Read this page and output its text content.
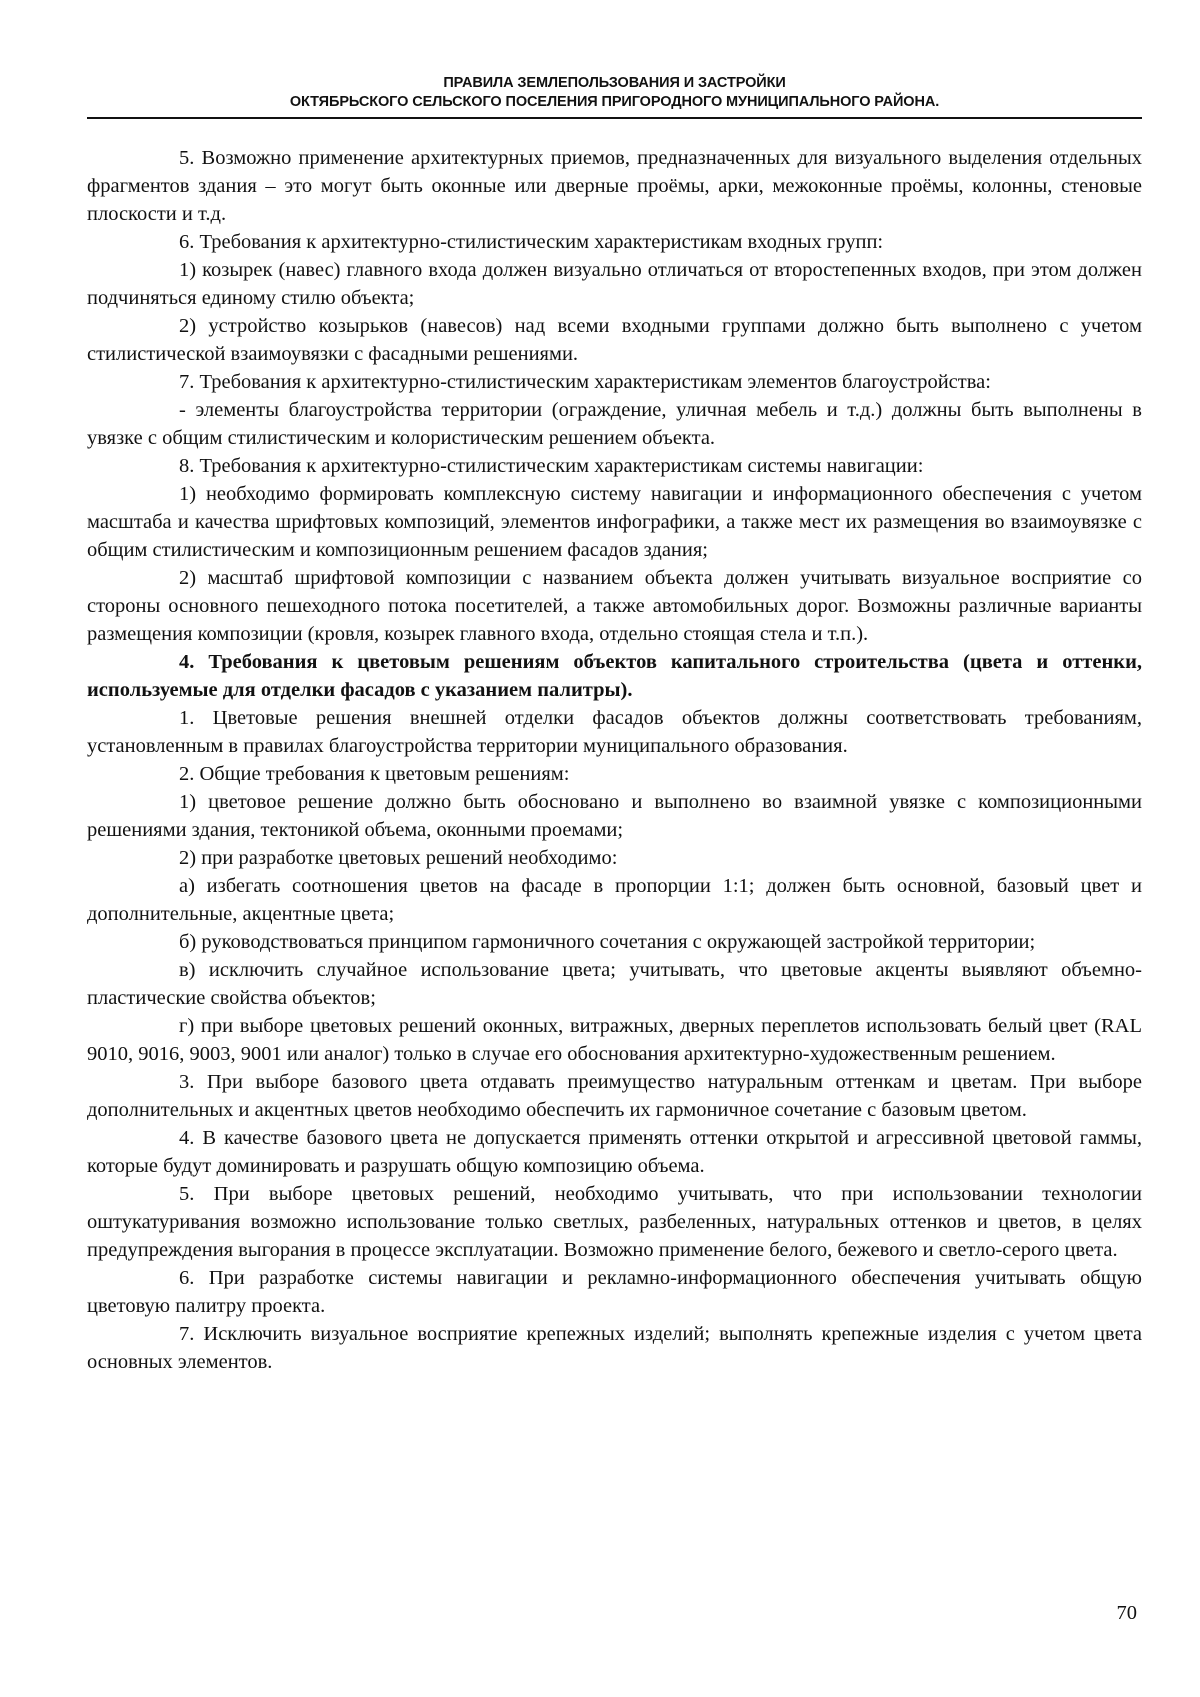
ПРАВИЛА ЗЕМЛЕПОЛЬЗОВАНИЯ И ЗАСТРОЙКИ
ОКТЯБРЬСКОГО СЕЛЬСКОГО ПОСЕЛЕНИЯ ПРИГОРОДНОГО МУНИЦИПАЛЬНОГО РАЙОНА.

5. Возможно применение архитектурных приемов, предназначенных для визуального выделения отдельных фрагментов здания – это могут быть оконные или дверные проёмы, арки, межоконные проёмы, колонны, стеновые плоскости и т.д.

6. Требования к архитектурно-стилистическим характеристикам входных групп:

1) козырек (навес) главного входа должен визуально отличаться от второстепенных входов, при этом должен подчиняться единому стилю объекта;

2) устройство козырьков (навесов) над всеми входными группами должно быть выполнено с учетом стилистической взаимоувязки с фасадными решениями.

7. Требования к архитектурно-стилистическим характеристикам элементов благоустройства:

- элементы благоустройства территории (ограждение, уличная мебель и т.д.) должны быть выполнены в увязке с общим стилистическим и колористическим решением объекта.

8. Требования к архитектурно-стилистическим характеристикам системы навигации:

1) необходимо формировать комплексную систему навигации и информационного обеспечения с учетом масштаба и качества шрифтовых композиций, элементов инфографики, а также мест их размещения во взаимоувязке с общим стилистическим и композиционным решением фасадов здания;

2) масштаб шрифтовой композиции с названием объекта должен учитывать визуальное восприятие со стороны основного пешеходного потока посетителей, а также автомобильных дорог. Возможны различные варианты размещения композиции (кровля, козырек главного входа, отдельно стоящая стела и т.п.).

4. Требования к цветовым решениям объектов капитального строительства (цвета и оттенки, используемые для отделки фасадов с указанием палитры).

1. Цветовые решения внешней отделки фасадов объектов должны соответствовать требованиям, установленным в правилах благоустройства территории муниципального образования.

2. Общие требования к цветовым решениям:

1) цветовое решение должно быть обосновано и выполнено во взаимной увязке с композиционными решениями здания, тектоникой объема, оконными проемами;

2) при разработке цветовых решений необходимо:

а) избегать соотношения цветов на фасаде в пропорции 1:1; должен быть основной, базовый цвет и дополнительные, акцентные цвета;

б) руководствоваться принципом гармоничного сочетания с окружающей застройкой территории;

в) исключить случайное использование цвета; учитывать, что цветовые акценты выявляют объемно-пластические свойства объектов;

г) при выборе цветовых решений оконных, витражных, дверных переплетов использовать белый цвет (RAL 9010, 9016, 9003, 9001 или аналог) только в случае его обоснования архитектурно-художественным решением.

3. При выборе базового цвета отдавать преимущество натуральным оттенкам и цветам. При выборе дополнительных и акцентных цветов необходимо обеспечить их гармоничное сочетание с базовым цветом.

4. В качестве базового цвета не допускается применять оттенки открытой и агрессивной цветовой гаммы, которые будут доминировать и разрушать общую композицию объема.

5. При выборе цветовых решений, необходимо учитывать, что при использовании технологии оштукатуривания возможно использование только светлых, разбеленных, натуральных оттенков и цветов, в целях предупреждения выгорания в процессе эксплуатации. Возможно применение белого, бежевого и светло-серого цвета.

6. При разработке системы навигации и рекламно-информационного обеспечения учитывать общую цветовую палитру проекта.

7. Исключить визуальное восприятие крепежных изделий; выполнять крепежные изделия с учетом цвета основных элементов.

70
